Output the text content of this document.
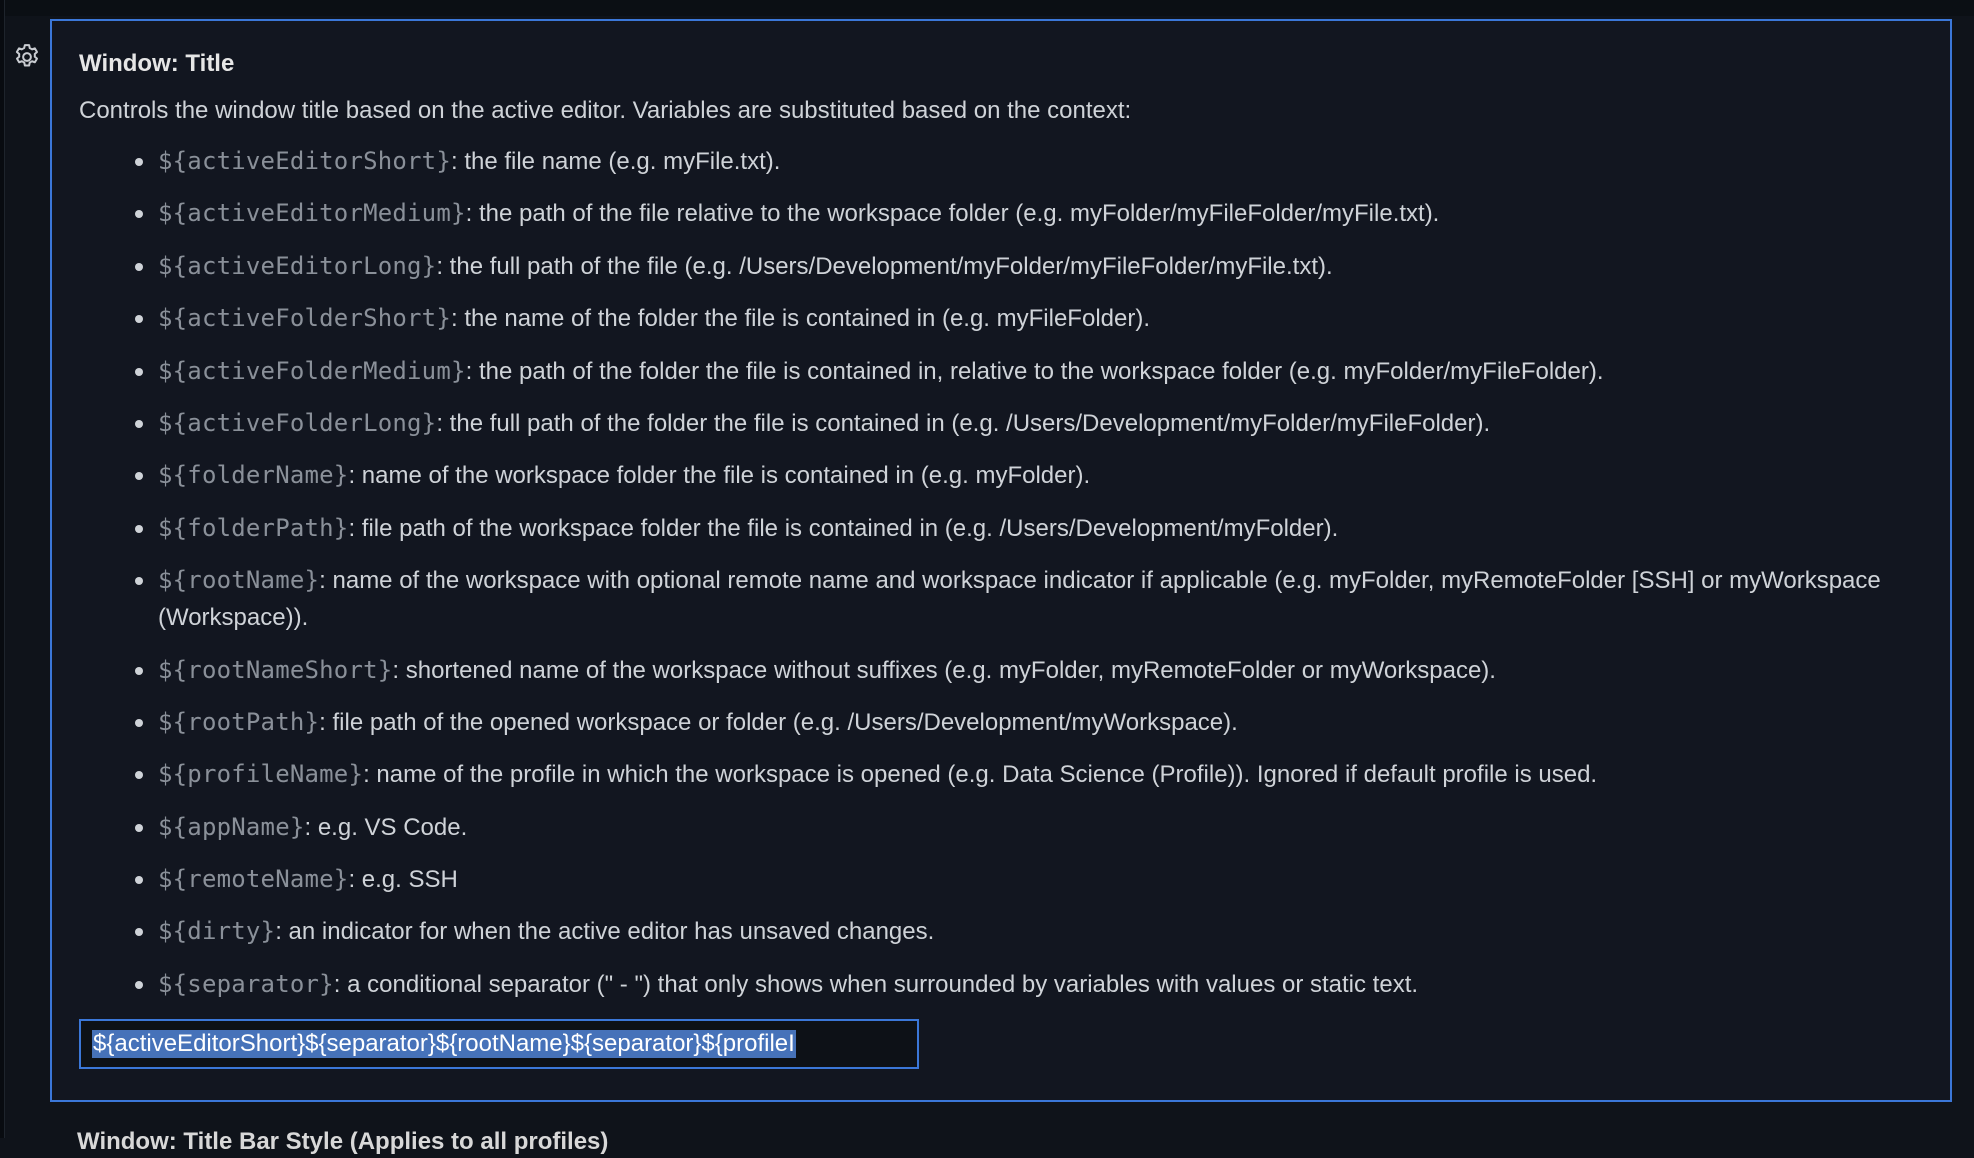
Window: Title
Controls the window title based on the active editor. Variables are substituted based on the context:
${activeEditorShort}: the file name (e.g. myFile.txt).
${activeEditorMedium}: the path of the file relative to the workspace folder (e.g. myFolder/myFileFolder/myFile.txt).
${activeEditorLong}: the full path of the file (e.g. /Users/Development/myFolder/myFileFolder/myFile.txt).
${activeFolderShort}: the name of the folder the file is contained in (e.g. myFileFolder).
${activeFolderMedium}: the path of the folder the file is contained in, relative to the workspace folder (e.g. myFolder/myFileFolder).
${activeFolderLong}: the full path of the folder the file is contained in (e.g. /Users/Development/myFolder/myFileFolder).
${folderName}: name of the workspace folder the file is contained in (e.g. myFolder).
${folderPath}: file path of the workspace folder the file is contained in (e.g. /Users/Development/myFolder).
${rootName}: name of the workspace with optional remote name and workspace indicator if applicable (e.g. myFolder, myRemoteFolder [SSH] or myWorkspace (Workspace)).
${rootNameShort}: shortened name of the workspace without suffixes (e.g. myFolder, myRemoteFolder or myWorkspace).
${rootPath}: file path of the opened workspace or folder (e.g. /Users/Development/myWorkspace).
${profileName}: name of the profile in which the workspace is opened (e.g. Data Science (Profile)). Ignored if default profile is used.
${appName}: e.g. VS Code.
${remoteName}: e.g. SSH
${dirty}: an indicator for when the active editor has unsaved changes.
${separator}: a conditional separator (" - ") that only shows when surrounded by variables with values or static text.
${activeEditorShort}${separator}${rootName}${separator}${profileI
Window: Title Bar Style (Applies to all profiles)
